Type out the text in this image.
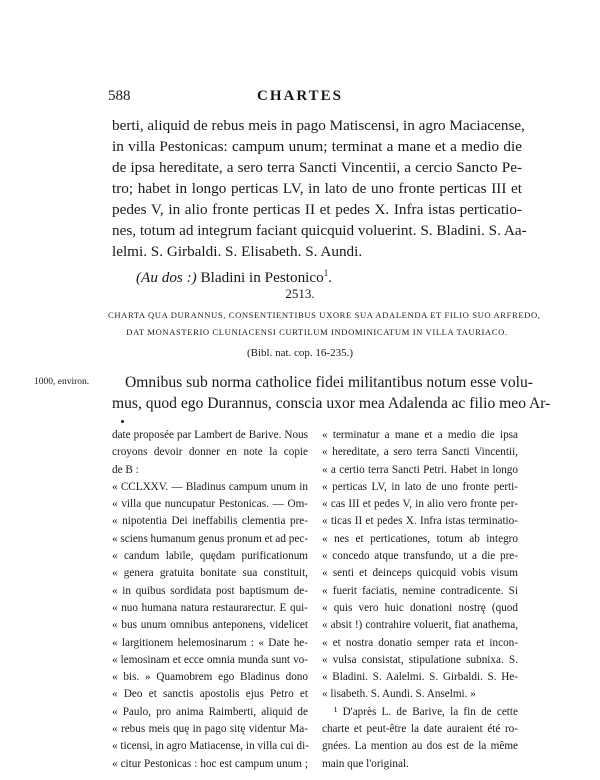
588	CHARTES
berti, aliquid de rebus meis in pago Matiscensi, in agro Maciacense,
in villa Pestonicas: campum unum; terminat a mane et a medio die
de ipsa hereditate, a sero terra Sancti Vincentii, a cercio Sancto Pe-
tro; habet in longo perticas LV, in lato de uno fronte perticas III et
pedes V, in alio fronte perticas II et pedes X. Infra istas perticatio-
nes, totum ad integrum faciant quicquid voluerint. S. Bladini. S. Aa-
lelmi. S. Girbaldi. S. Elisabeth. S. Aundi.
(Au dos :) Bladini in Pestonico$^1$.
2513.
CHARTA QUA DURANNUS, CONSENTIENTIBUS UXORE SUA ADALENDA ET FILIO SUO ARFREDO,
DAT MONASTERIO CLUNIACENSI CURTILUM INDOMINICATUM IN VILLA TAURIACO.
(Bibl. nat. cop. 16-235.)
1000, environ. Omnibus sub norma catholice fidei militantibus notum esse volu-
mus, quod ego Durannus, conscia uxor mea Adalenda ac filio meo Ar-
date proposée par Lambert de Barive. Nous
croyons devoir donner en note la copie
de B :
« CCLXXV. — Bladinus campum unum in
« villa que nuncupatur Pestonicas. — Om-
« nipotentia Dei ineffabilis clementia pre-
« sciens humanum genus pronum et ad pec-
« candum labile, quędam purificationum
« genera gratuita bonitate sua constituit,
« in quibus sordidata post baptismum de-
« nuo humana natura restaurarectur. E qui-
« bus unum omnibus anteponens, videlicet
« largitionem helemosinarum : « Date he-
« lemosinam et ecce omnia munda sunt vo-
« bis. » Quamobrem ego Bladinus dono
« Deo et sanctis apostolis ejus Petro et
« Paulo, pro anima Raimberti, aliquid de
« rebus meis quę in pago sitę videntur Ma-
« ticensi, in agro Matiacense, in villa cui di-
« citur Pestonicas : hoc est campum unum ;
« terminatur a mane et a medio die ipsa
« hereditate, a sero terra Sancti Vincentii,
« a certio terra Sancti Petri. Habet in longo
« perticas LV, in lato de uno fronte perti-
« cas III et pedes V, in alio vero fronte per-
« ticas II et pedes X. Infra istas terminatio-
« nes et perticationes, totum ab integro
« concedo atque transfundo, ut a die pre-
« senti et deinceps quicquid vobis visum
« fuerit faciatis, nemine contradicente. Si
« quis vero huic donationi nostrę (quod
« absit !) contrahire voluerit, fiat anathema,
« et nostra donatio semper rata et incon-
« vulsa consistat, stipulatione subnixa. S.
« Bladini. S. Aalelmi. S. Girbaldi. S. He-
« lisabeth. S. Aundi. S. Anselmi. »
¹ D'après L. de Barive, la fin de cette
charte et peut-être la date auraient été ro-
gnées. La mention au dos est de la même
main que l'original.
